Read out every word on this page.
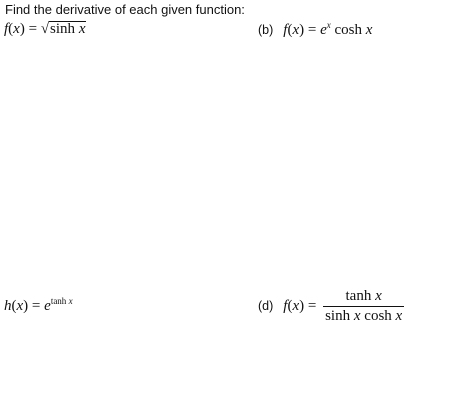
Find the derivative of each given function:
f(x) = √sinh x	(b) $f(x) = e^x$ cosh x
$h(x) = e^{tanh x}$	(d) $f(x) = \frac{\text{tanh x}}{\text{sinh x cosh x}}$
